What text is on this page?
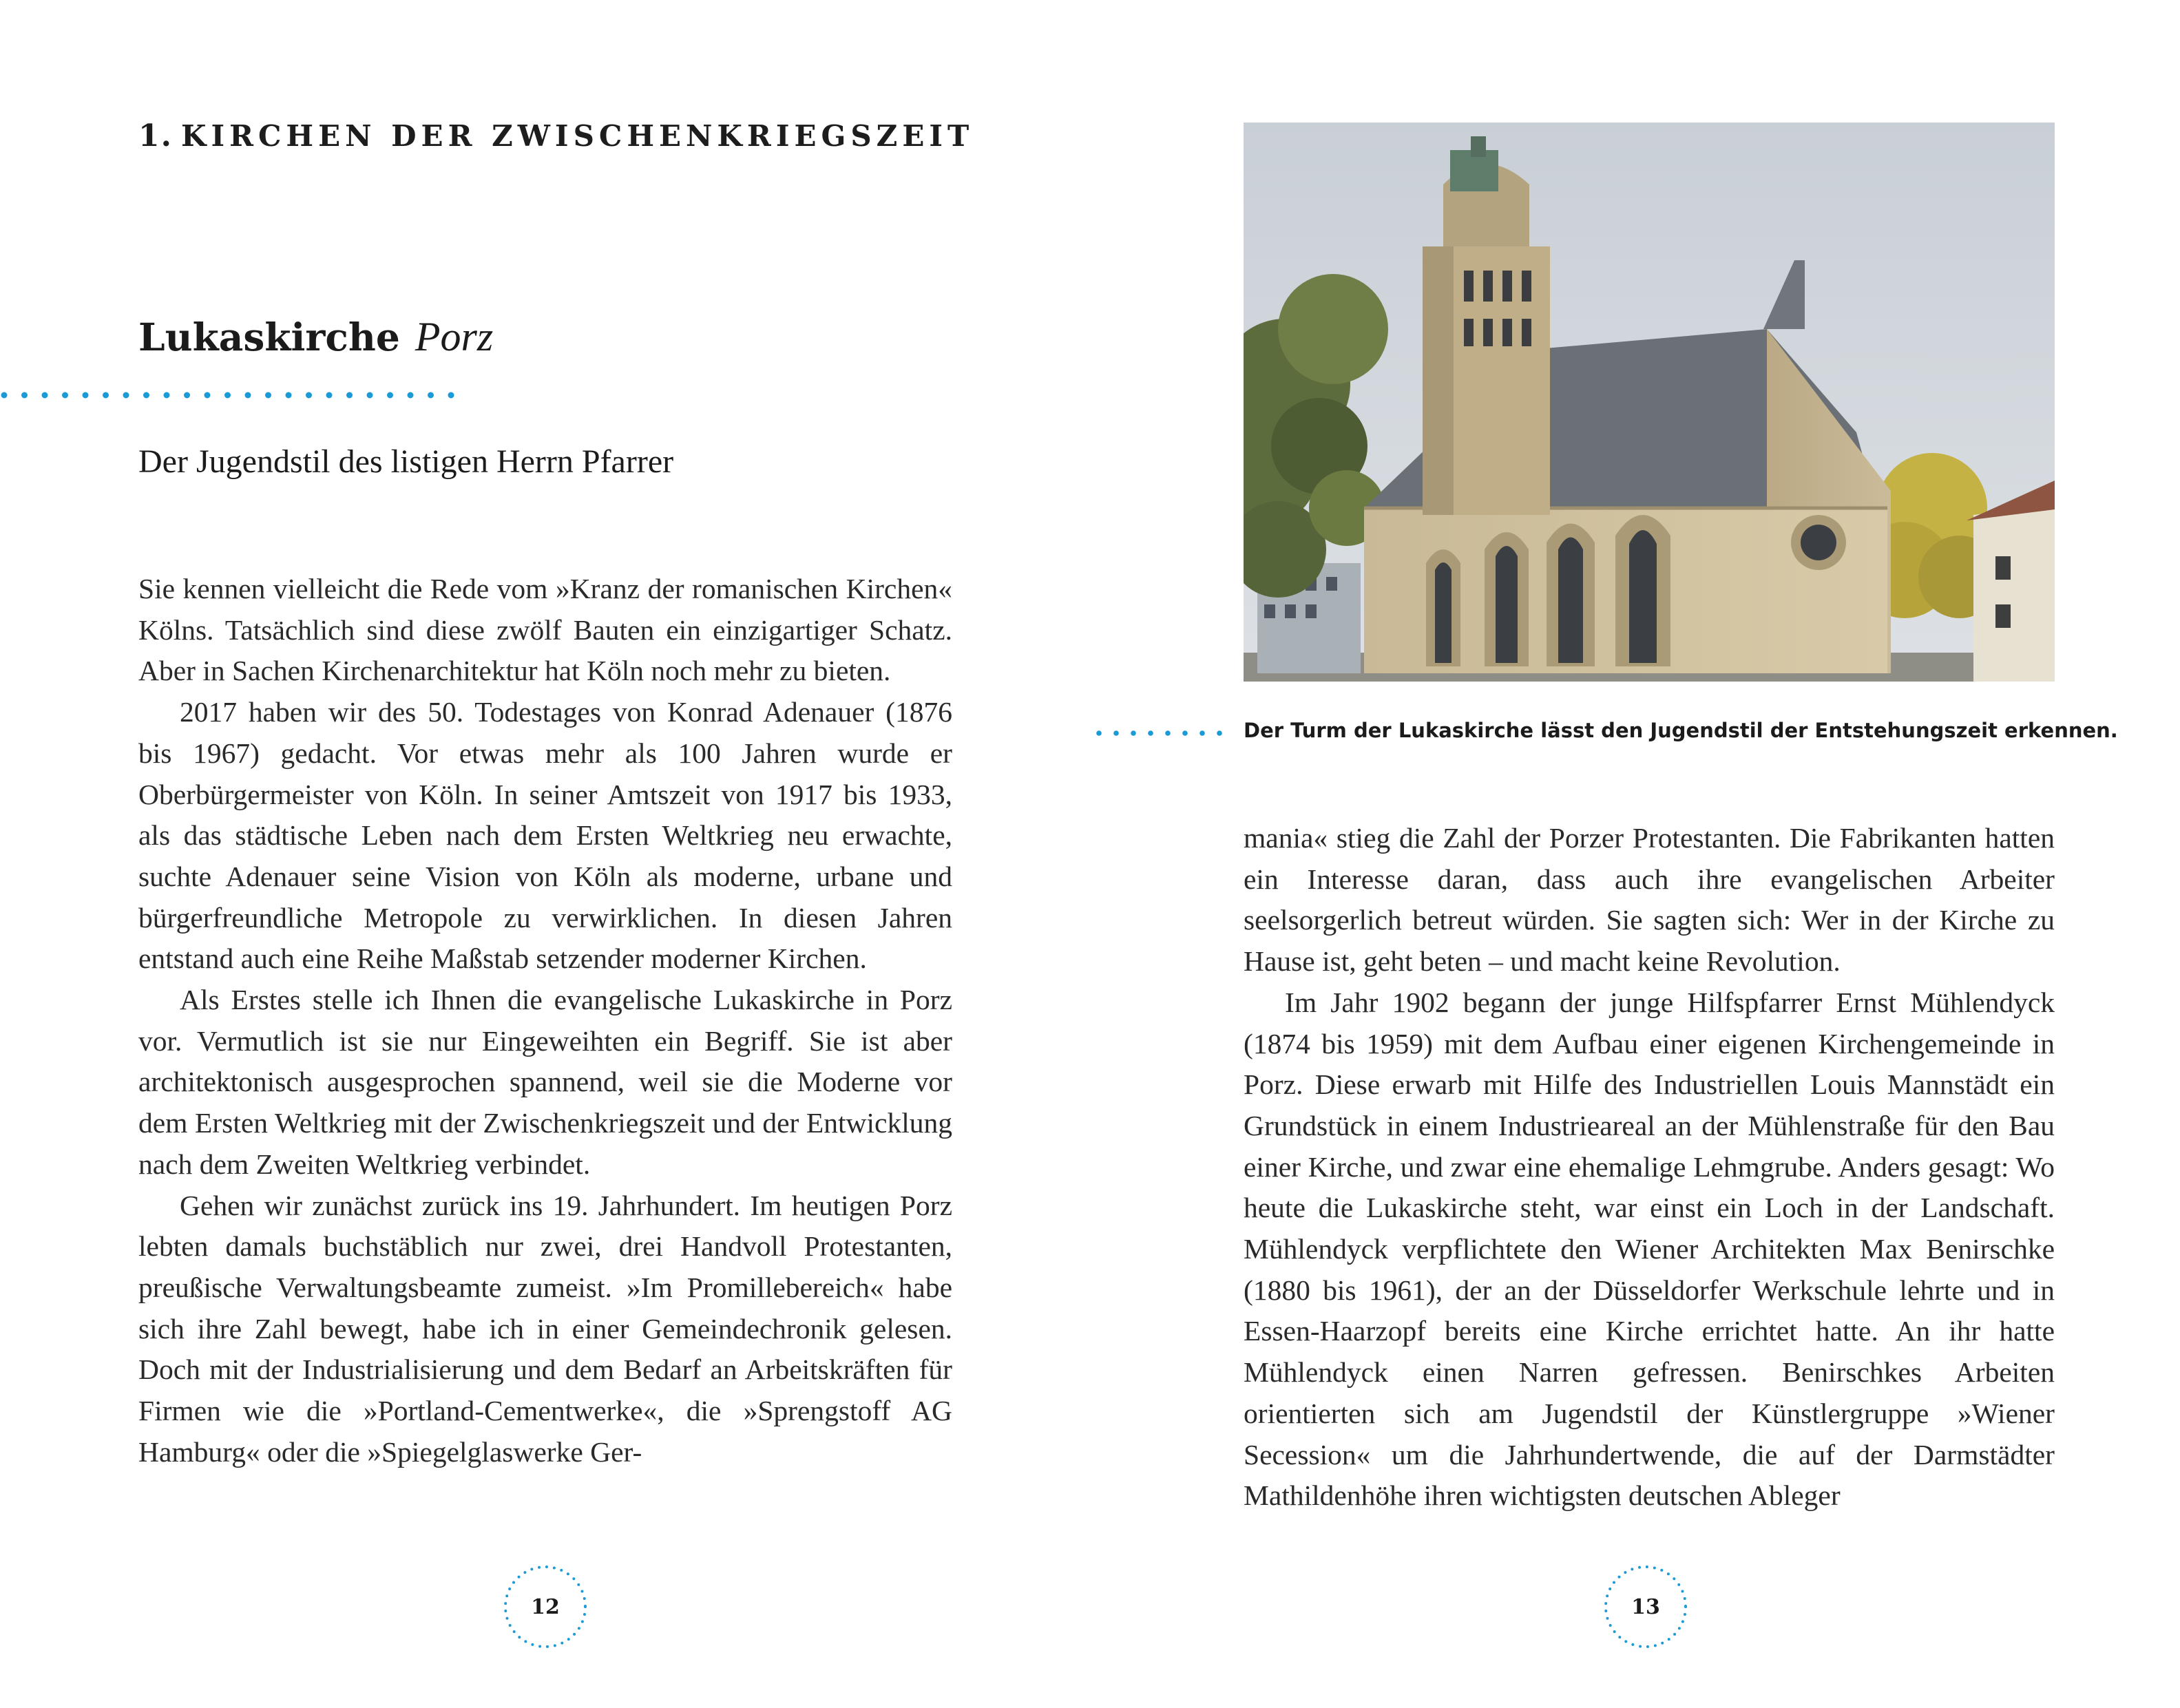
1. KIRCHEN DER ZWISCHENKRIEGSZEIT
Lukaskirche Porz
Der Jugendstil des listigen Herrn Pfarrer

Sie kennen vielleicht die Rede vom »Kranz der romanischen Kirchen« Kölns. Tatsächlich sind diese zwölf Bauten ein einzigartiger Schatz. Aber in Sachen Kirchenarchitektur hat Köln noch mehr zu bieten.

2017 haben wir des 50. Todestages von Konrad Adenauer (1876 bis 1967) gedacht. Vor etwas mehr als 100 Jahren wurde er Oberbürgermeister von Köln. In seiner Amtszeit von 1917 bis 1933, als das städtische Leben nach dem Ersten Weltkrieg neu erwachte, suchte Adenauer seine Vision von Köln als moderne, urbane und bürgerfreundliche Metropole zu verwirklichen. In diesen Jahren entstand auch eine Reihe Maßstab setzender moderner Kirchen.

Als Erstes stelle ich Ihnen die evangelische Lukaskirche in Porz vor. Vermutlich ist sie nur Eingeweihten ein Begriff. Sie ist aber architektonisch ausgesprochen spannend, weil sie die Moderne vor dem Ersten Weltkrieg mit der Zwischenkriegszeit und der Entwicklung nach dem Zweiten Weltkrieg verbindet.

Gehen wir zunächst zurück ins 19. Jahrhundert. Im heutigen Porz lebten damals buchstäblich nur zwei, drei Handvoll Protestanten, preußische Verwaltungsbeamte zumeist. »Im Promillebereich« habe sich ihre Zahl bewegt, habe ich in einer Gemeindechronik gelesen. Doch mit der Industrialisierung und dem Bedarf an Arbeitskräften für Firmen wie die »Portland-Cementwerke«, die »Sprengstoff AG Hamburg« oder die »Spiegelglaswerke Ger-

Der Turm der Lukaskirche lässt den Jugendstil der Entstehungszeit erkennen.

mania« stieg die Zahl der Porzer Protestanten. Die Fabrikanten hatten ein Interesse daran, dass auch ihre evangelischen Arbeiter seelsorgerlich betreut würden. Sie sagten sich: Wer in der Kirche zu Hause ist, geht beten – und macht keine Revolution.

Im Jahr 1902 begann der junge Hilfspfarrer Ernst Mühlendyck (1874 bis 1959) mit dem Aufbau einer eigenen Kirchengemeinde in Porz. Diese erwarb mit Hilfe des Industriellen Louis Mannstädt ein Grundstück in einem Industrieareal an der Mühlenstraße für den Bau einer Kirche, und zwar eine ehemalige Lehmgrube. Anders gesagt: Wo heute die Lukaskirche steht, war einst ein Loch in der Landschaft. Mühlendyck verpflichtete den Wiener Architekten Max Benirschke (1880 bis 1961), der an der Düsseldorfer Werkschule lehrte und in Essen-Haarzopf bereits eine Kirche errichtet hatte. An ihr hatte Mühlendyck einen Narren gefressen. Benirschkes Arbeiten orientierten sich am Jugendstil der Künstlergruppe »Wiener Secession« um die Jahrhundertwende, die auf der Darmstädter Mathildenhöhe ihren wichtigsten deutschen Ableger

12	13
